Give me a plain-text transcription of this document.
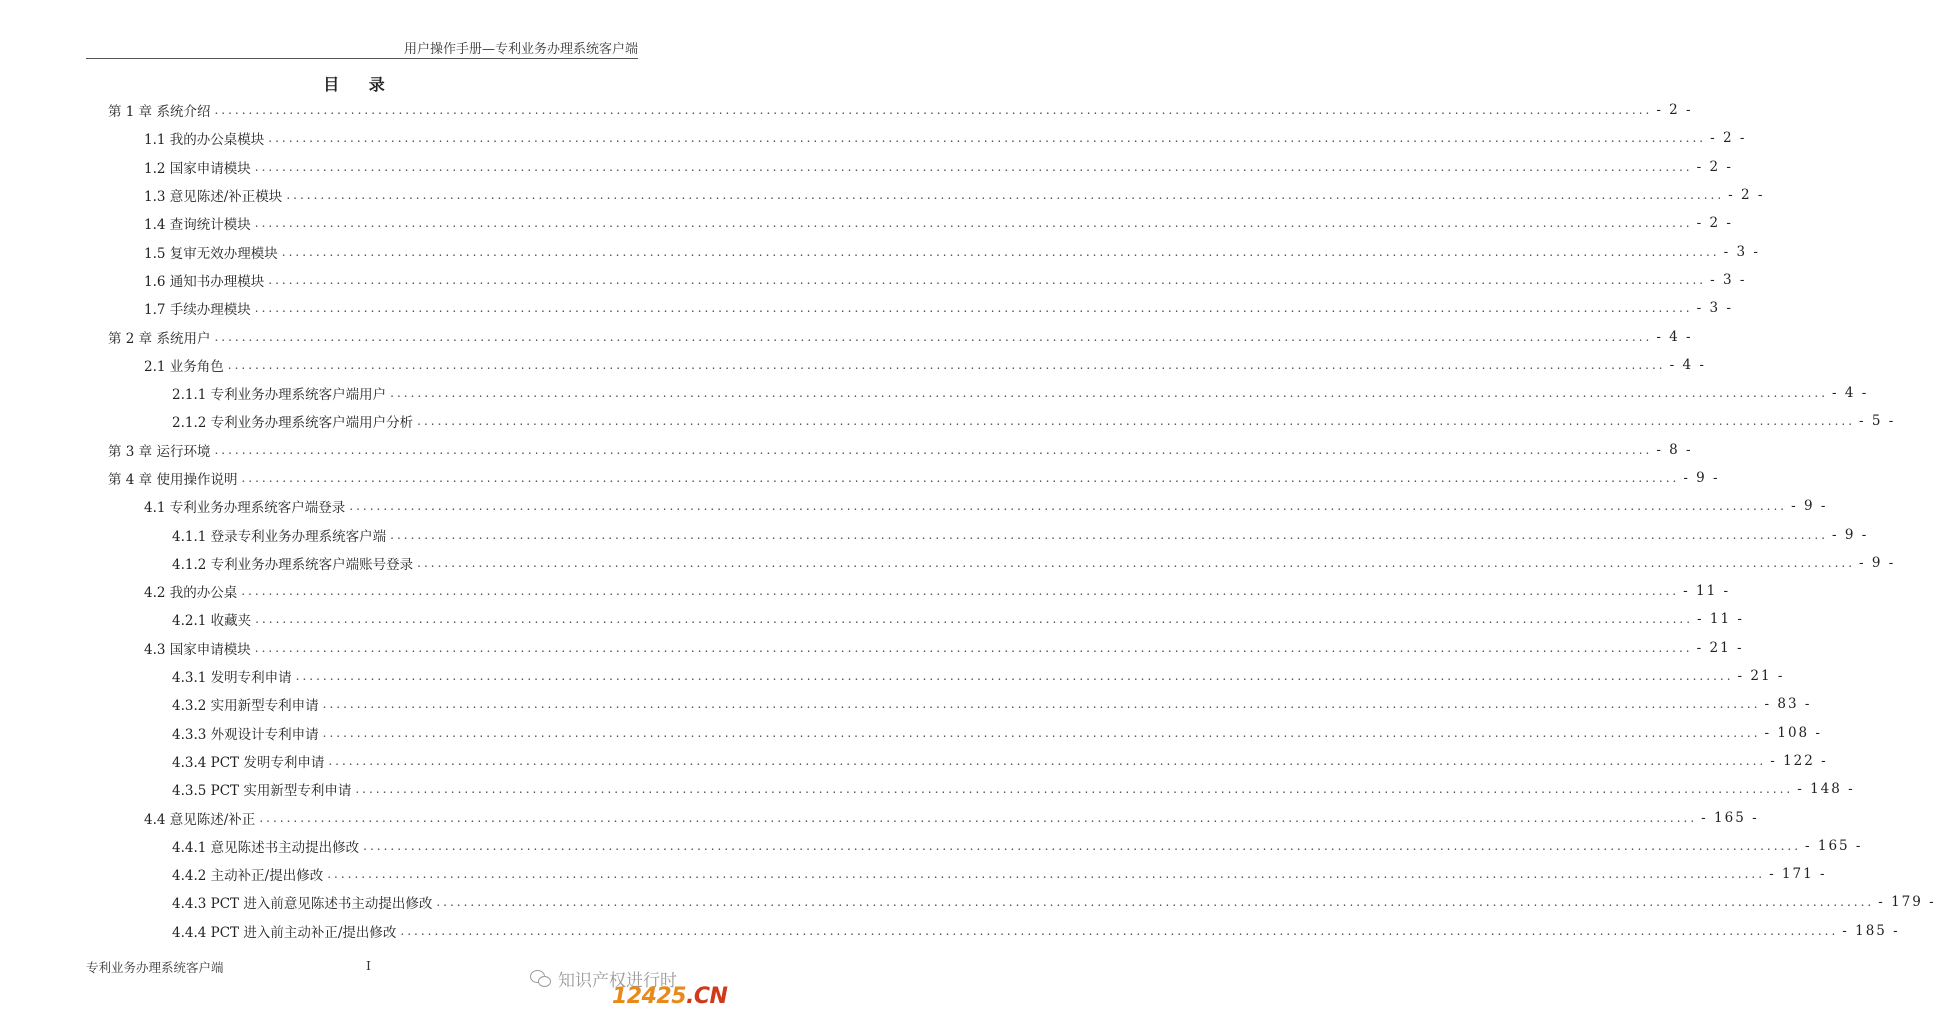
用户操作手册—专利业务办理系统客户端
目 录
第 1 章 系统介绍 .....	- 2 -
1.1 我的办公桌模块 .....	- 2 -
1.2 国家申请模块 .....	- 2 -
1.3 意见陈述/补正模块 .....	- 2 -
1.4 查询统计模块 .....	- 2 -
1.5 复审无效办理模块 .....	- 3 -
1.6 通知书办理模块 .....	- 3 -
1.7 手续办理模块 .....	- 3 -
第 2 章 系统用户 .....	- 4 -
2.1 业务角色 .....	- 4 -
2.1.1 专利业务办理系统客户端用户 .....	- 4 -
2.1.2 专利业务办理系统客户端用户分析 .....	- 5 -
第 3 章 运行环境 .....	- 8 -
第 4 章 使用操作说明 .....	- 9 -
4.1 专利业务办理系统客户端登录 .....	- 9 -
4.1.1 登录专利业务办理系统客户端 .....	- 9 -
4.1.2 专利业务办理系统客户端账号登录 .....	- 9 -
4.2 我的办公桌 .....	- 11 -
4.2.1 收藏夹 .....	- 11 -
4.3 国家申请模块 .....	- 21 -
4.3.1 发明专利申请 .....	- 21 -
4.3.2 实用新型专利申请 .....	- 83 -
4.3.3 外观设计专利申请 .....	- 108 -
4.3.4 PCT 发明专利申请 .....	- 122 -
4.3.5 PCT 实用新型专利申请 .....	- 148 -
4.4 意见陈述/补正 .....	- 165 -
4.4.1 意见陈述书主动提出修改 .....	- 165 -
4.4.2 主动补正/提出修改 .....	- 171 -
4.4.3 PCT 进入前意见陈述书主动提出修改 .....	- 179 -
4.4.4 PCT 进入前主动补正/提出修改 .....	- 185 -
专利业务办理系统客户端	I
知识产权进行时
12425.CN
